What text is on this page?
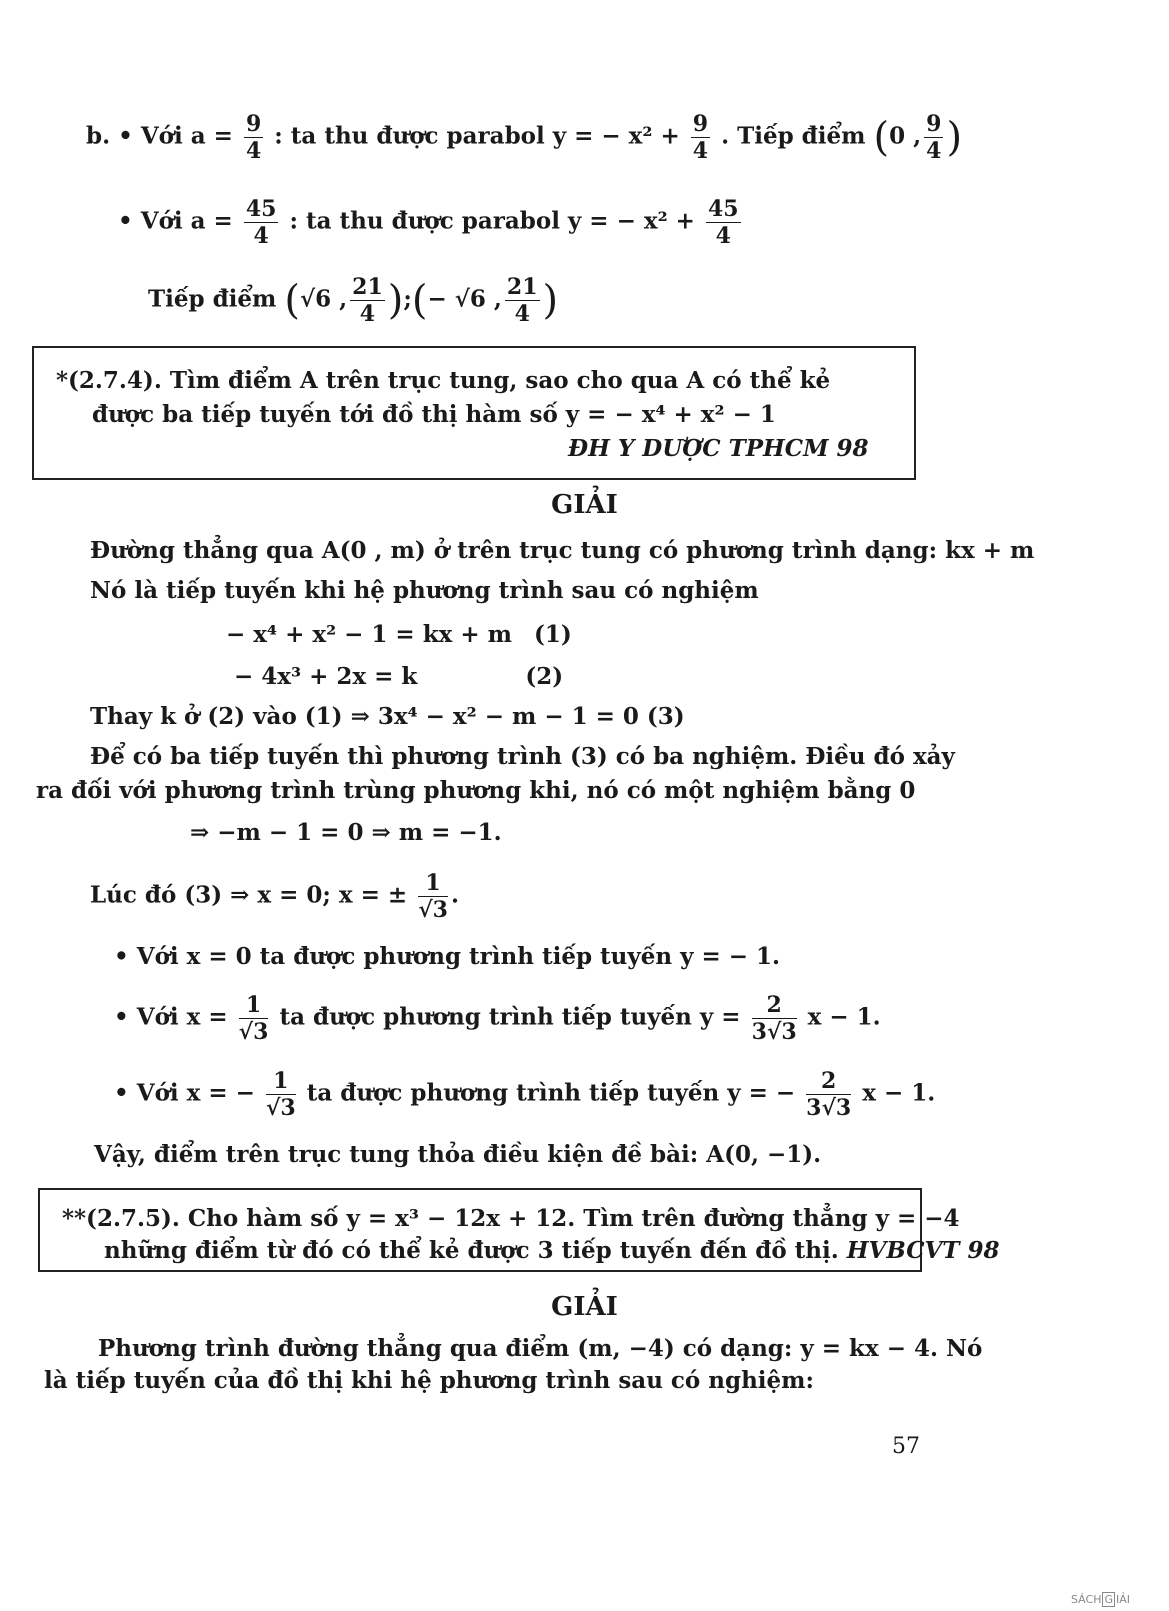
b. • Với $a = \frac{9}{4}$ : ta thu được parabol y = − $x^2 + \frac{9}{4}$ . Tiếp điểm (0 , $\frac{9}{4}$ )
• Với $a = \frac{45}{4}$ : ta thu được parabol y = − $x^2 + \frac{45}{4}$
Tiếp điểm (√6 , $\frac{21}{4}$ );(− √6 , $\frac{21}{4}$ )
*(2.7.4). Tìm điểm A trên trục tung, sao cho qua A có thể kẻ
được ba tiếp tuyến tới đồ thị hàm số y = − x⁴ + x² − 1
ĐH Y DƯỢC TPHCM 98
GIẢI
Đường thẳng qua A(0 , m) ở trên trục tung có phương trình dạng: kx + m
Nó là tiếp tuyến khi hệ phương trình sau có nghiệm
− x⁴ + x² − 1 = kx + m (1)
− 4x³ + 2x = k	(2)
Thay k ở (2) vào (1) ⇒ 3x⁴ − x² − m − 1 = 0 (3)
Để có ba tiếp tuyến thì phương trình (3) có ba nghiệm. Điều đó xảy
ra đối với phương trình trùng phương khi, nó có một nghiệm bằng 0
⇒ −m − 1 = 0 ⇒ m = −1.
Lúc đó (3) ⇒ x = 0; x = ± $\frac{1}{√3}$ .
• Với x = 0 ta được phương trình tiếp tuyến y = − 1.
• Với $x = \frac{1}{√3}$ ta được phương trình tiếp tuyến $y = \frac{2}{3√3}$ x − 1.
• Với x = − $\frac{1}{√3}$ ta được phương trình tiếp tuyến y = − $\frac{2}{3√3}$ x − 1.
Vậy, điểm trên trục tung thỏa điều kiện đề bài: A(0, −1).
**(2.7.5). Cho hàm số y = x³ − 12x + 12. Tìm trên đường thẳng y = −4
những điểm từ đó có thể kẻ được 3 tiếp tuyến đến đồ thị. HVBCVT 98
GIẢI
Phương trình đường thẳng qua điểm (m, −4) có dạng: y = kx − 4. Nó
là tiếp tuyến của đồ thị khi hệ phương trình sau có nghiệm:
57
SÁCH G IẢI
